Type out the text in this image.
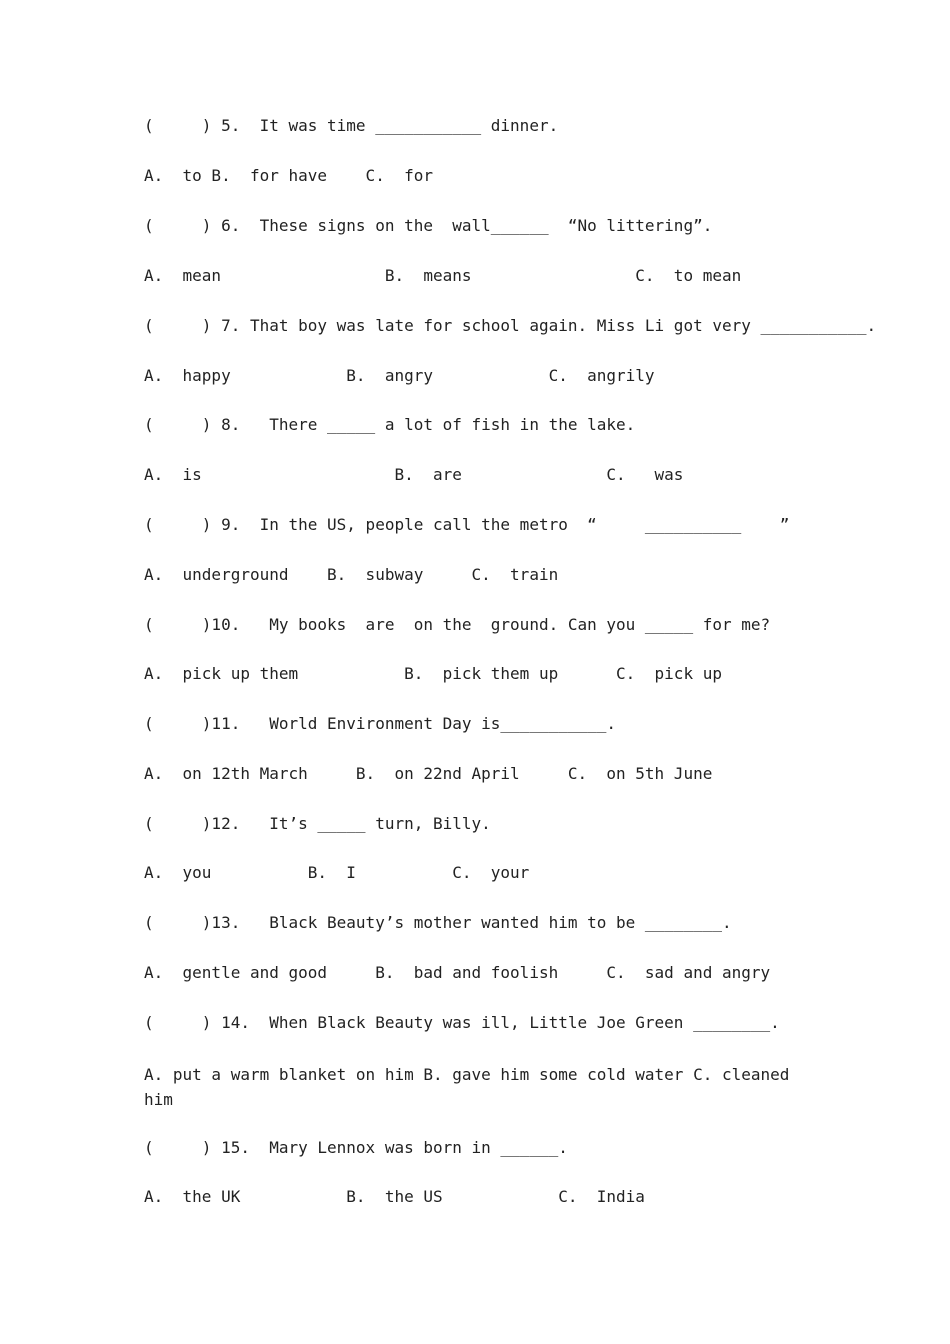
(     ) 5.  It was time ___________ dinner.
A.  to B.  for have    C.  for
(     ) 6.  These signs on the  wall______  “No littering”.
A.  mean                 B.  means                 C.  to mean
(     ) 7. That boy was late for school again. Miss Li got very ___________.
A.  happy            B.  angry            C.  angrily
(     ) 8.   There _____ a lot of fish in the lake.
A.  is                    B.  are               C.   was
(     ) 9.  In the US, people call the metro  “     __________    ”
A.  underground    B.  subway     C.  train
(     )10.   My books  are  on the  ground. Can you _____ for me?
A.  pick up them           B.  pick them up      C.  pick up
(     )11.   World Environment Day is___________.
A.  on 12th March     B.  on 22nd April     C.  on 5th June
(     )12.   It’s _____ turn, Billy.
A.  you          B.  I          C.  your
(     )13.   Black Beauty’s mother wanted him to be ________.
A.  gentle and good     B.  bad and foolish     C.  sad and angry
(     ) 14.  When Black Beauty was ill, Little Joe Green ________.
A. put a warm blanket on him B. gave him some cold water C. cleaned him
(     ) 15.  Mary Lennox was born in ______.
A.  the UK           B.  the US            C.  India
